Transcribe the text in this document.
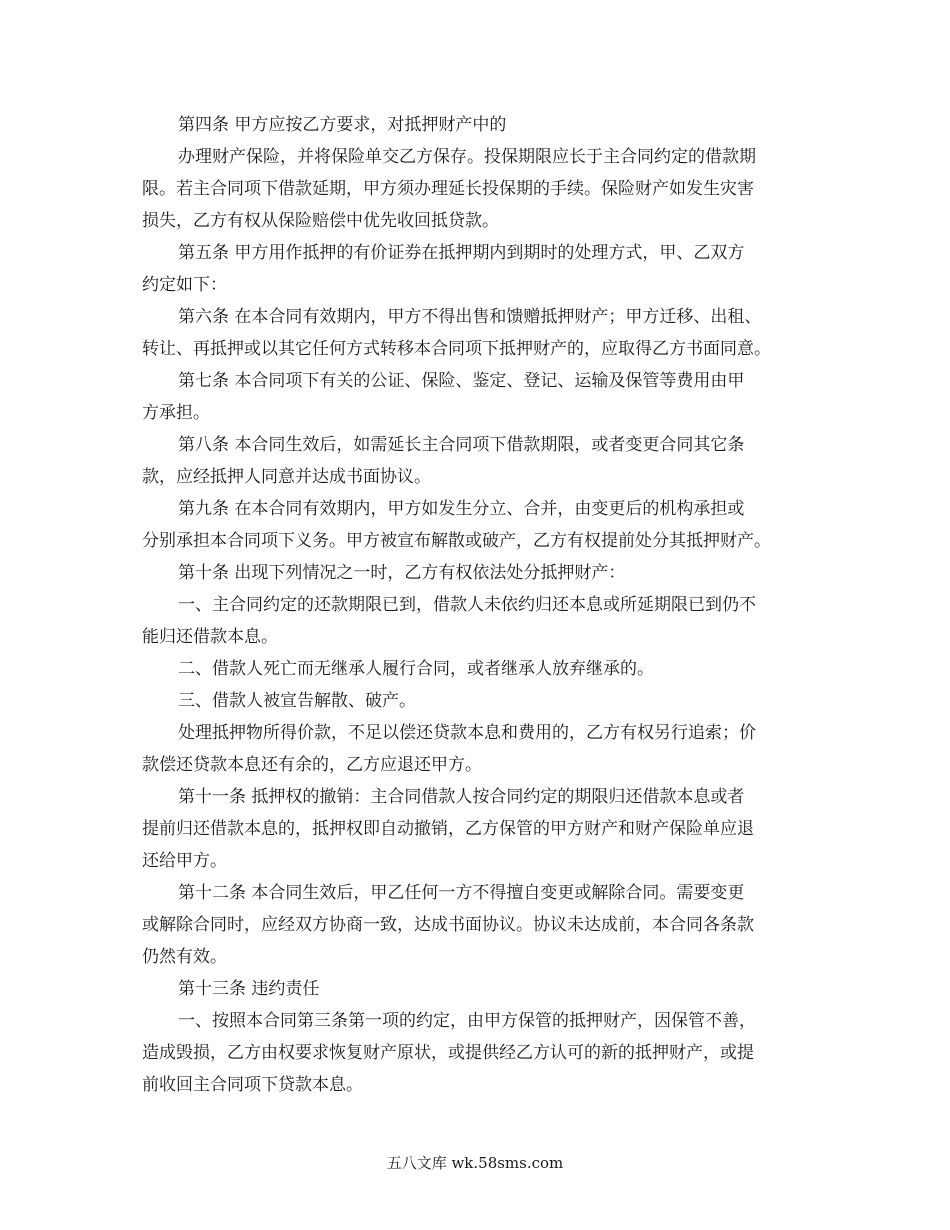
第四条 甲方应按乙方要求，对抵押财产中的
办理财产保险，并将保险单交乙方保存。投保期限应长于主合同约定的借款期
限。若主合同项下借款延期，甲方须办理延长投保期的手续。保险财产如发生灾害
损失，乙方有权从保险赔偿中优先收回抵贷款。
第五条 甲方用作抵押的有价证券在抵押期内到期时的处理方式，甲、乙双方
约定如下：
第六条 在本合同有效期内，甲方不得出售和馈赠抵押财产；甲方迁移、出租、
转让、再抵押或以其它任何方式转移本合同项下抵押财产的，应取得乙方书面同意。
第七条 本合同项下有关的公证、保险、鉴定、登记、运输及保管等费用由甲
方承担。
第八条 本合同生效后，如需延长主合同项下借款期限，或者变更合同其它条
款，应经抵押人同意并达成书面协议。
第九条 在本合同有效期内，甲方如发生分立、合并，由变更后的机构承担或
分别承担本合同项下义务。甲方被宣布解散或破产，乙方有权提前处分其抵押财产。
第十条 出现下列情况之一时，乙方有权依法处分抵押财产：
一、主合同约定的还款期限已到，借款人未依约归还本息或所延期限已到仍不
能归还借款本息。
二、借款人死亡而无继承人履行合同，或者继承人放弃继承的。
三、借款人被宣告解散、破产。
处理抵押物所得价款，不足以偿还贷款本息和费用的，乙方有权另行追索；价
款偿还贷款本息还有余的，乙方应退还甲方。
第十一条 抵押权的撤销：主合同借款人按合同约定的期限归还借款本息或者
提前归还借款本息的，抵押权即自动撤销，乙方保管的甲方财产和财产保险单应退
还给甲方。
第十二条 本合同生效后，甲乙任何一方不得擅自变更或解除合同。需要变更
或解除合同时，应经双方协商一致，达成书面协议。协议未达成前，本合同各条款
仍然有效。
第十三条 违约责任
一、按照本合同第三条第一项的约定，由甲方保管的抵押财产，因保管不善，
造成毁损，乙方由权要求恢复财产原状，或提供经乙方认可的新的抵押财产，或提
前收回主合同项下贷款本息。
五八文库 wk.58sms.com
